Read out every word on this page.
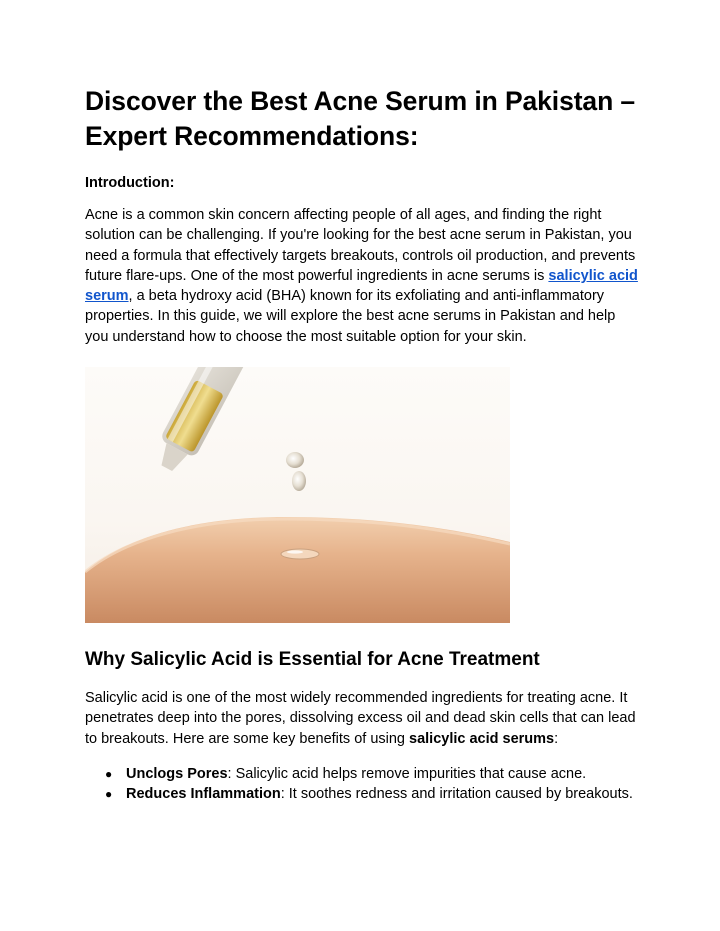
Discover the Best Acne Serum in Pakistan – Expert Recommendations:
Introduction:

Acne is a common skin concern affecting people of all ages, and finding the right solution can be challenging. If you're looking for the best acne serum in Pakistan, you need a formula that effectively targets breakouts, controls oil production, and prevents future flare-ups. One of the most powerful ingredients in acne serums is salicylic acid serum, a beta hydroxy acid (BHA) known for its exfoliating and anti-inflammatory properties. In this guide, we will explore the best acne serums in Pakistan and help you understand how to choose the most suitable option for your skin.

Why Salicylic Acid is Essential for Acne Treatment

Salicylic acid is one of the most widely recommended ingredients for treating acne. It penetrates deep into the pores, dissolving excess oil and dead skin cells that can lead to breakouts. Here are some key benefits of using salicylic acid serums:

● Unclogs Pores: Salicylic acid helps remove impurities that cause acne.
● Reduces Inflammation: It soothes redness and irritation caused by breakouts.
